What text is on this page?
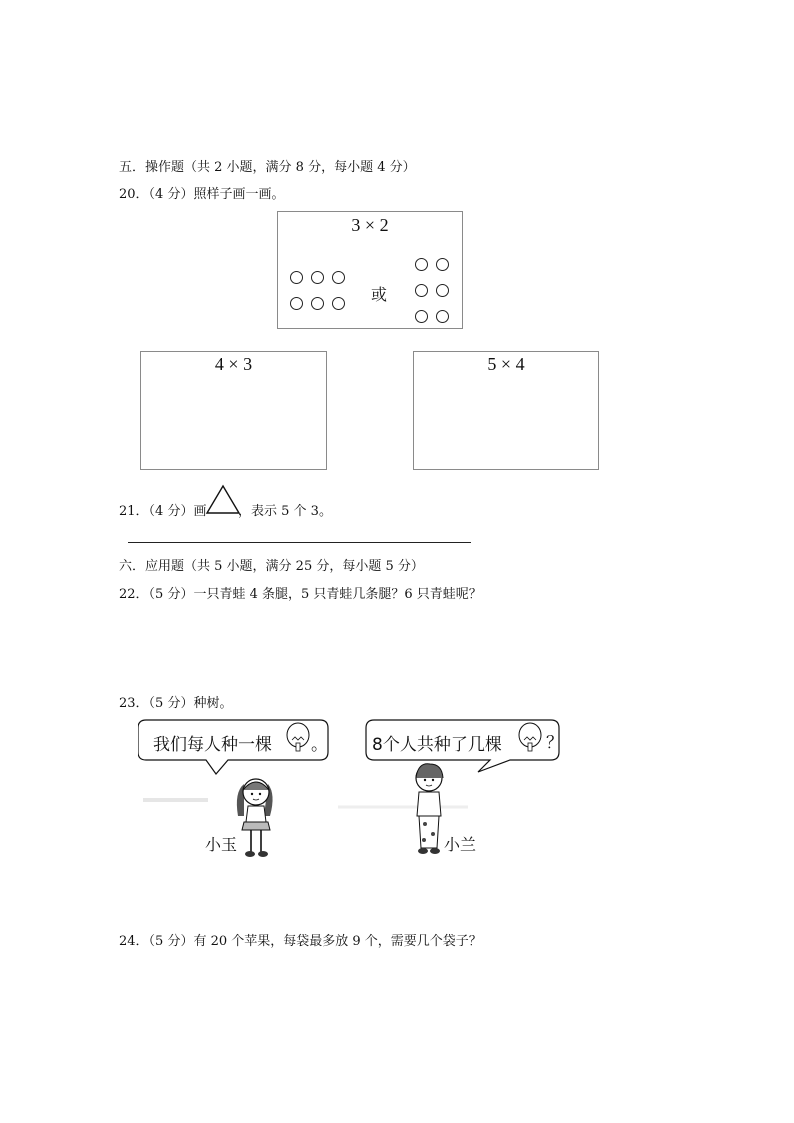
五．操作题（共 2 小题，满分 8 分，每小题 4 分）
20．（4 分）照样子画一画。
3 × 2
或
4 × 3	5 × 4
21．（4 分）画 ，表示 5 个 3。
六．应用题（共 5 小题，满分 25 分，每小题 5 分）
22．（5 分）一只青蛙 4 条腿，5 只青蛙几条腿？6 只青蛙呢？
23．（5 分）种树。
我们每人种一棵 。	8个人共种了几棵	？
小玉	小兰
24．（5 分）有 20 个苹果，每袋最多放 9 个，需要几个袋子？
